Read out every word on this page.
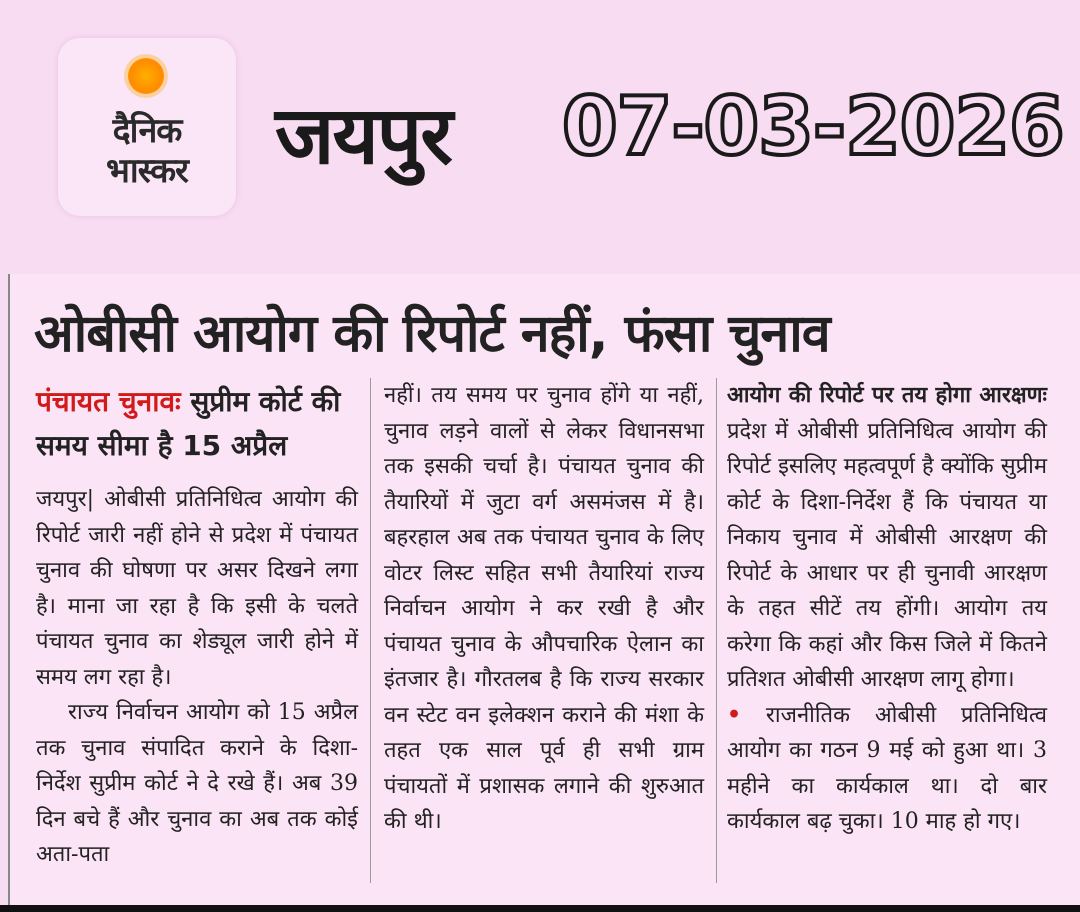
दैनिक
भास्कर	जयपुर 07-03-2026
ओबीसी आयोग की रिपोर्ट नहीं, फंसा चुनाव
पंचायत चुनावः सुप्रीम कोर्ट की समय सीमा है 15 अप्रैल
जयपुर| ओबीसी प्रतिनिधित्व आयोग की रिपोर्ट जारी नहीं होने से प्रदेश में पंचायत चुनाव की घोषणा पर असर दिखने लगा है। माना जा रहा है कि इसी के चलते पंचायत चुनाव का शेड्यूल जारी होने में समय लग रहा है।
राज्य निर्वाचन आयोग को 15 अप्रैल तक चुनाव संपादित कराने के दिशा- निर्देश सुप्रीम कोर्ट ने दे रखे हैं। अब 39 दिन बचे हैं और चुनाव का अब तक कोई अता-पता
नहीं। तय समय पर चुनाव होंगे या नहीं, चुनाव लड़ने वालों से लेकर विधानसभा तक इसकी चर्चा है। पंचायत चुनाव की तैयारियों में जुटा वर्ग असमंजस में है। बहरहाल अब तक पंचायत चुनाव के लिए वोटर लिस्ट सहित सभी तैयारियां राज्य निर्वाचन आयोग ने कर रखी है और पंचायत चुनाव के औपचारिक ऐलान का इंतजार है। गौरतलब है कि राज्य सरकार वन स्टेट वन इलेक्शन कराने की मंशा के तहत एक साल पूर्व ही सभी ग्राम पंचायतों में प्रशासक लगाने की शुरुआत की थी।
आयोग की रिपोर्ट पर तय होगा आरक्षणः प्रदेश में ओबीसी प्रतिनिधित्व आयोग की रिपोर्ट इसलिए महत्वपूर्ण है क्योंकि सुप्रीम कोर्ट के दिशा-निर्देश हैं कि पंचायत या निकाय चुनाव में ओबीसी आरक्षण की रिपोर्ट के आधार पर ही चुनावी आरक्षण के तहत सीटें तय होंगी। आयोग तय करेगा कि कहां और किस जिले में कितने प्रतिशत ओबीसी आरक्षण लागू होगा।
• राजनीतिक ओबीसी प्रतिनिधित्व आयोग का गठन 9 मई को हुआ था। 3 महीने का कार्यकाल था। दो बार कार्यकाल बढ़ चुका। 10 माह हो गए।
